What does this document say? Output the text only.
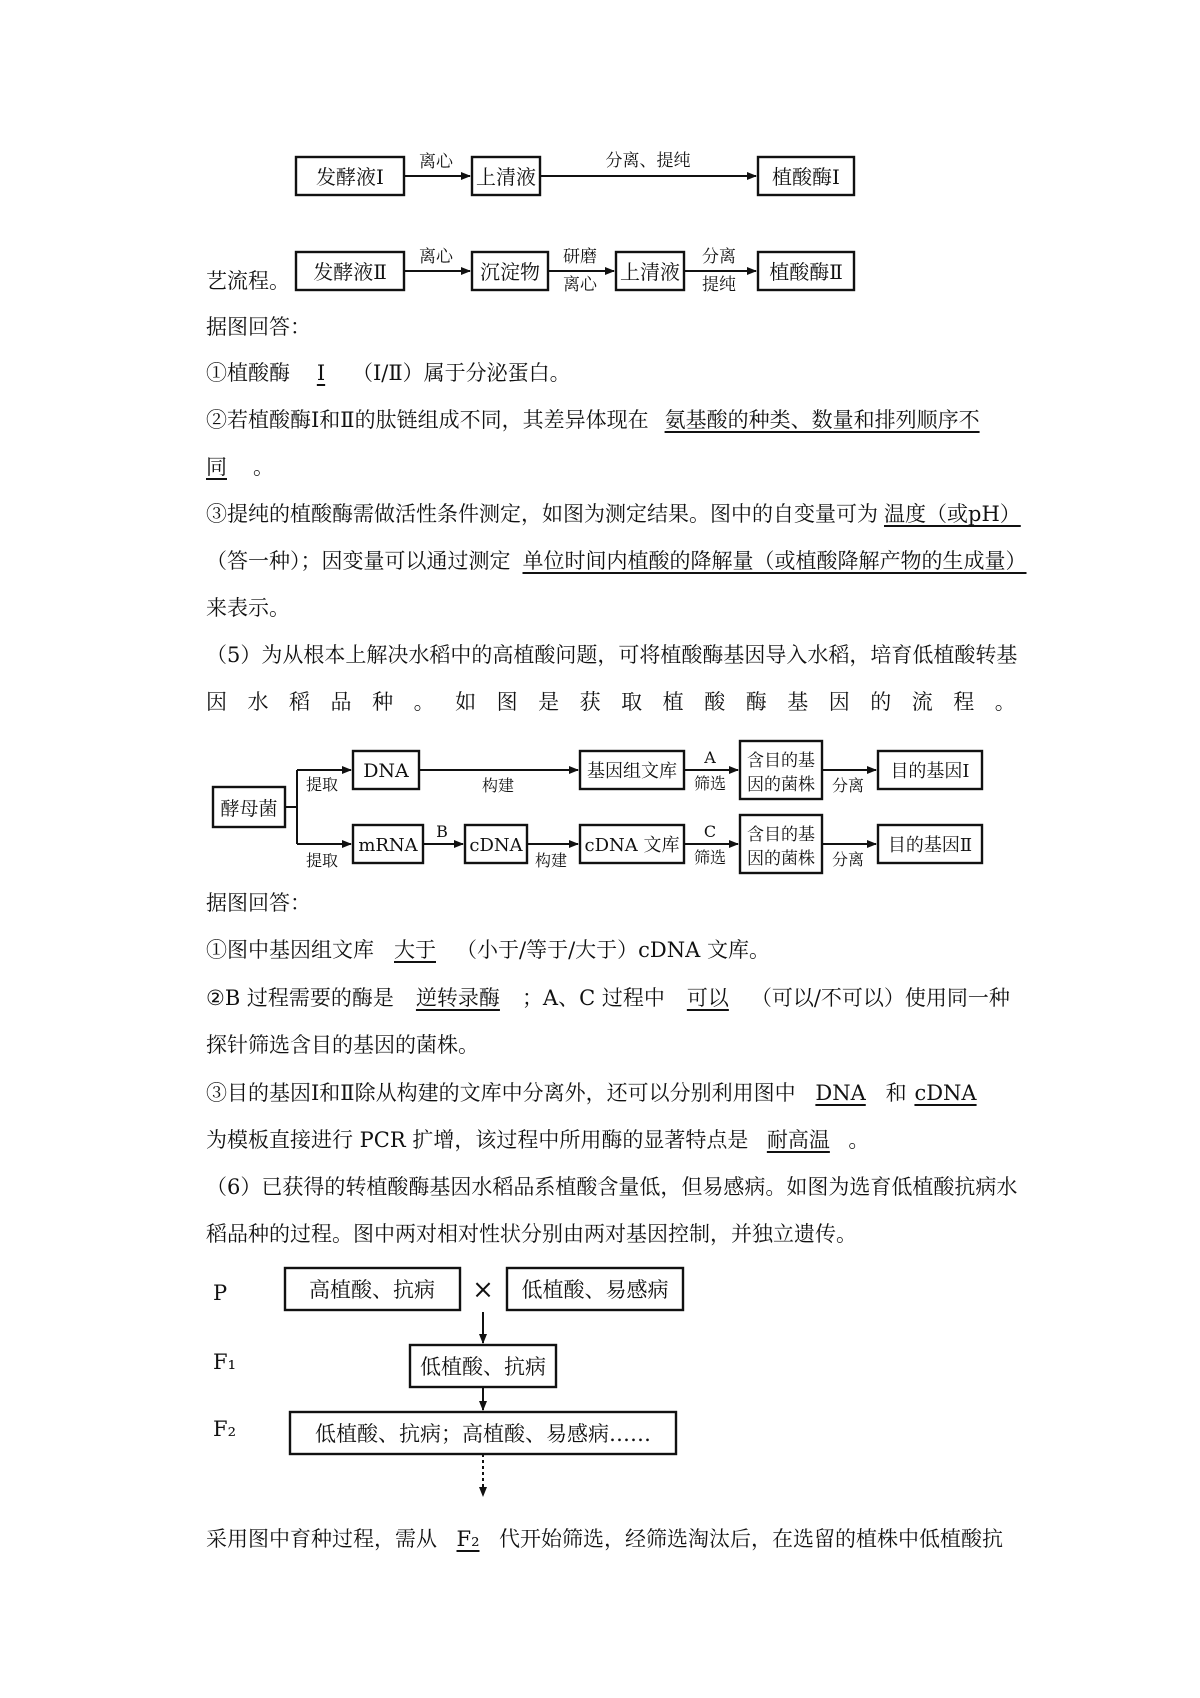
发酵液Ⅰ
离心
上清液
分离、提纯
植酸酶Ⅰ
发酵液Ⅱ
离心
沉淀物
研磨
离心
上清液
分离
提纯
植酸酶Ⅱ
艺流程。
据图回答：
①植酸酶 Ⅰ （Ⅰ/Ⅱ）属于分泌蛋白。
②若植酸酶Ⅰ和Ⅱ的肽链组成不同，其差异体现在 氨基酸的种类、数量和排列顺序不
同 。
③提纯的植酸酶需做活性条件测定，如图为测定结果。图中的自变量可为 温度（或pH）
（答一种）；因变量可以通过测定 单位时间内植酸的降解量（或植酸降解产物的生成量）
来表示。
（5）为从根本上解决水稻中的高植酸问题，可将植酸酶基因导入水稻，培育低植酸转基
因 水 稻 品 种 。 如 图 是 获 取 植 酸 酶 基 因 的 流 程 。
酵母菌
提取
提取
DNA
构建
基因组文库
A
筛选
含目的基
因的菌株 分离
目的基因Ⅰ
mRNA
B
cDNA
构建
cDNA 文库
C
筛选
含目的基
因的菌株 分离
目的基因Ⅱ
据图回答：
①图中基因组文库 大于 （小于/等于/大于）cDNA 文库。
②B 过程需要的酶是 逆转录酶 ；A、C 过程中 可以 （可以/不可以）使用同一种
探针筛选含目的基因的菌株。
③目的基因Ⅰ和Ⅱ除从构建的文库中分离外，还可以分别利用图中 DNA 和 cDNA
为模板直接进行 PCR 扩增，该过程中所用酶的显著特点是 耐高温 。
（6）已获得的转植酸酶基因水稻品系植酸含量低，但易感病。如图为选育低植酸抗病水
稻品种的过程。图中两对相对性状分别由两对基因控制，并独立遗传。
P
F₁
F₂
高植酸、抗病 × 低植酸、易感病
低植酸、抗病
低植酸、抗病；高植酸、易感病……
采用图中育种过程，需从 F₂ 代开始筛选，经筛选淘汰后，在选留的植株中低植酸抗
